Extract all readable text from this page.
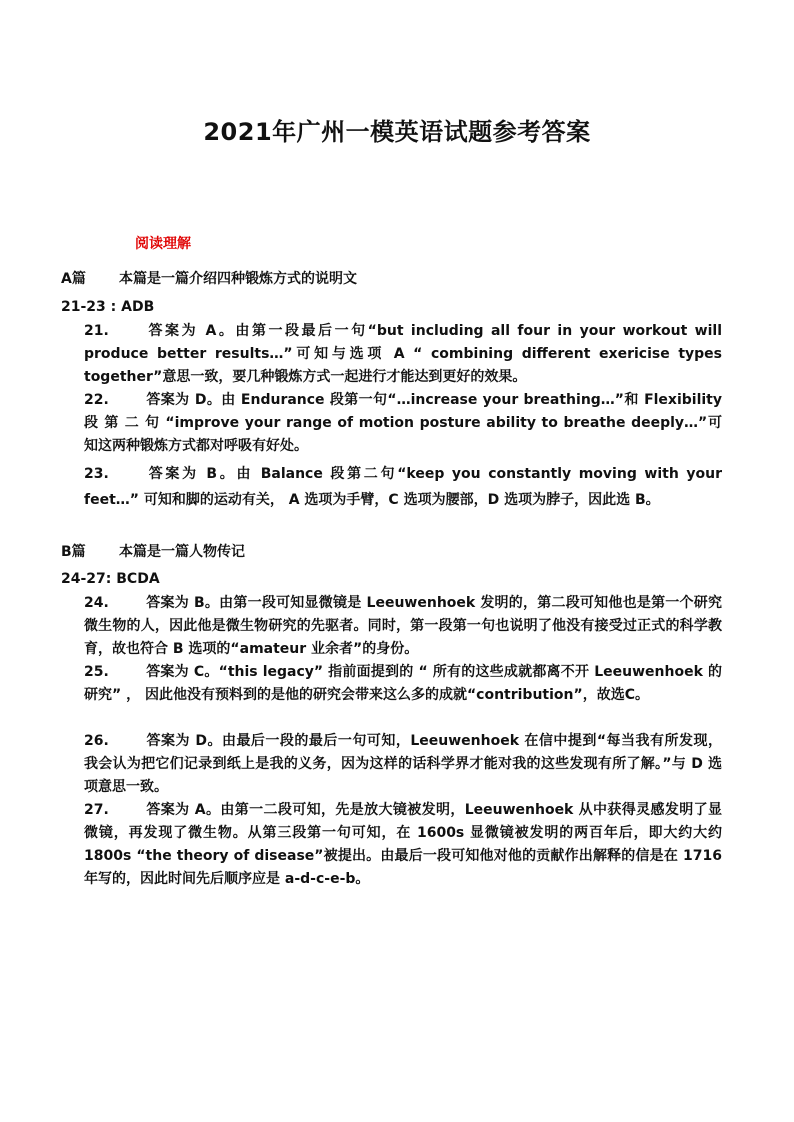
2021年广州一模英语试题参考答案
阅读理解
A篇 本篇是一篇介绍四种锻炼方式的说明文
21-23 : ADB
21.	答案为 A。由第一段最后一句“but including all four in your workout will produce better results…”可知与选项 A “ combining different exericise types together”意思一致，要几种锻炼方式一起进行才能达到更好的效果。
22.	答案为 D。由 Endurance 段第一句“…increase your breathing…”和 Flexibility 段 第 二 句 “improve your range of motion posture ability to breathe deeply…”可知这两种锻炼方式都对呼吸有好处。
23.	答案为 B。由 Balance 段第二句“keep you constantly moving with your feet…” 可知和脚的运动有关， A 选项为手臂，C 选项为腰部，D 选项为脖子，因此选 B。
B篇 本篇是一篇人物传记
24-27: BCDA
24.	答案为 B。由第一段可知显微镜是 Leeuwenhoek 发明的，第二段可知他也是第一个研究微生物的人，因此他是微生物研究的先驱者。同时，第一段第一句也说明了他没有接受过正式的科学教育，故也符合 B 选项的“amateur 业余者”的身份。
25.	答案为 C。“this legacy” 指前面提到的 “ 所有的这些成就都离不开 Leeuwenhoek 的研究” ， 因此他没有预料到的是他的研究会带来这么多的成就“contribution”，故选C。
26.	答案为 D。由最后一段的最后一句可知，Leeuwenhoek 在信中提到“每当我有所发现， 我会认为把它们记录到纸上是我的义务，因为这样的话科学界才能对我的这些发现有所了解。”与 D 选项意思一致。
27.	答案为 A。由第一二段可知，先是放大镜被发明，Leeuwenhoek 从中获得灵感发明了显微镜，再发现了微生物。从第三段第一句可知，在 1600s 显微镜被发明的两百年后，即大约大约 1800s “the theory of disease”被提出。由最后一段可知他对他的贡献作出解释的信是在 1716 年写的，因此时间先后顺序应是 a-d-c-e-b。
